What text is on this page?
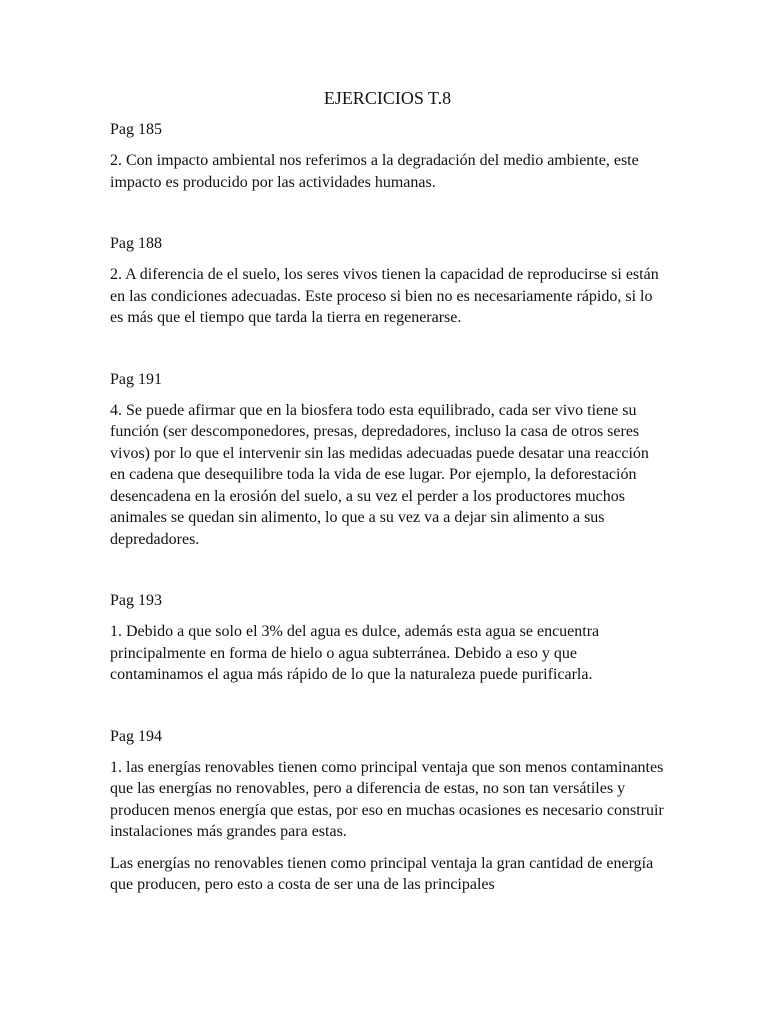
EJERCICIOS T.8
Pag 185

2. Con impacto ambiental nos referimos a la degradación del medio ambiente, este impacto es producido por las actividades humanas.

Pag 188

2. A diferencia de el suelo, los seres vivos tienen la capacidad de reproducirse si están en las condiciones adecuadas. Este proceso si bien no es necesariamente rápido, si lo es más que el tiempo que tarda la tierra en regenerarse.

Pag 191

4. Se puede afirmar que en la biosfera todo esta equilibrado, cada ser vivo tiene su función (ser descomponedores, presas, depredadores, incluso la casa de otros seres vivos) por lo que el intervenir sin las medidas adecuadas puede desatar una reacción en cadena que desequilibre toda la vida de ese lugar. Por ejemplo, la deforestación desencadena en la erosión del suelo, a su vez el perder a los productores muchos animales se quedan sin alimento, lo que a su vez va a dejar sin alimento a sus depredadores.

Pag 193

1. Debido a que solo el 3% del agua es dulce, además esta agua se encuentra principalmente en forma de hielo o agua subterránea. Debido a eso y que contaminamos el agua más rápido de lo que la naturaleza puede purificarla.

Pag 194

1. las energías renovables tienen como principal ventaja que son menos contaminantes que las energías no renovables, pero a diferencia de estas, no son tan versátiles y producen menos energía que estas, por eso en muchas ocasiones es necesario construir instalaciones más grandes para estas.

Las energías no renovables tienen como principal ventaja la gran cantidad de energía que producen, pero esto a costa de ser una de las principales
